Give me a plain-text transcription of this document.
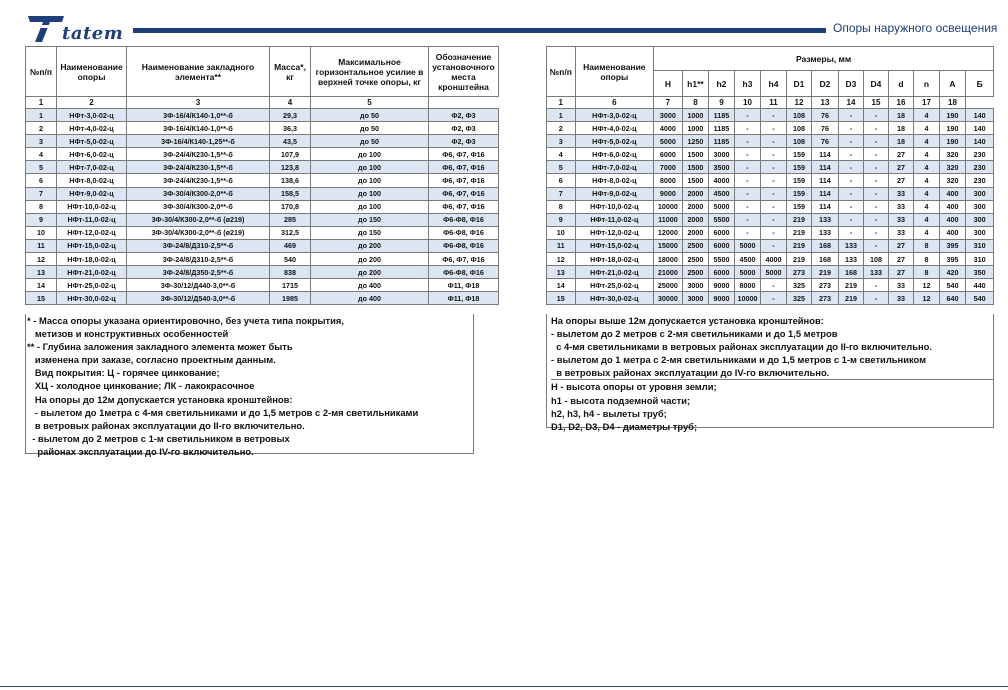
tatem	Опоры наружного освещения
№п/п	Наименование опоры	Наименование закладного элемента**	Масса*, кг	Максимальное горизонтальное усилие в верхней точке опоры, кг	Обозначение установочного места кронштейна
1	2	3	4	5	
1	НФт-3,0-02-ц	3Ф-16/4/К140-1,0**-б	29,3	до 50	Ф2, Ф3
2	НФт-4,0-02-ц	3Ф-16/4/К140-1,0**-б	36,3	до 50	Ф2, Ф3
3	НФт-5,0-02-ц	3Ф-16/4/К140-1,25**-б	43,5	до 50	Ф2, Ф3
4	НФт-6,0-02-ц	3Ф-24/4/К230-1,5**-б	107,9	до 100	Ф6, Ф7, Ф16
5	НФт-7,0-02-ц	3Ф-24/4/К230-1,5**-б	123,8	до 100	Ф6, Ф7, Ф16
6	НФт-8,0-02-ц	3Ф-24/4/К230-1,5**-б	138,6	до 100	Ф6, Ф7, Ф16
7	НФт-9,0-02-ц	3Ф-30/4/К300-2,0**-б	158,5	до 100	Ф6, Ф7, Ф16
8	НФт-10,0-02-ц	3Ф-30/4/К300-2,0**-б	170,8	до 100	Ф6, Ф7, Ф16
9	НФт-11,0-02-ц	3Ф-30/4/К300-2,0**-б (ø219)	285	до 150	Ф6-Ф8, Ф16
10	НФт-12,0-02-ц	3Ф-30/4/К300-2,0**-б (ø219)	312,5	до 150	Ф6-Ф8, Ф16
11	НФт-15,0-02-ц	3Ф-24/8/Д310-2,5**-б	469	до 200	Ф6-Ф8, Ф16
12	НФт-18,0-02-ц	3Ф-24/8/Д310-2,5**-б	540	до 200	Ф6, Ф7, Ф16
13	НФт-21,0-02-ц	3Ф-24/8/Д350-2,5**-б	838	до 200	Ф6-Ф8, Ф16
14	НФт-25,0-02-ц	3Ф-30/12/Д440-3,0**-б	1715	до 400	Ф11, Ф18
15	НФт-30,0-02-ц	3Ф-30/12/Д540-3,0**-б	1985	до 400	Ф11, Ф18

* - Масса опоры указана ориентировочно, без учета типа покрытия,

метизов и конструктивных особенностей

** - Глубина заложения закладного элемента может быть

изменена при заказе, согласно проектным данным.

Вид покрытия: Ц - горячее цинкование;

ХЦ - холодное цинкование; ЛК - лакокрасочное

На опоры до 12м допускается установка кронштейнов:

- вылетом до 1метра с 4-мя светильниками и до 1,5 метров с 2-мя светильниками

в ветровых районах эксплуатации до II-го включительно.

- вылетом до 2 метров с 1-м светильником в ветровых

районах эксплуатации до IV-го включительно.

№п/п	Наименование опоры	Размеры, мм												
		H	h1**	h2	h3	h4	D1	D2	D3	D4	d	n	A	Б
1	6	7	8	9	10	11	12	13	14	15	16	17	18	
1	НФт-3,0-02-ц	3000	1000	1185	-	-	108	76	-	-	18	4	190	140
2	НФт-4,0-02-ц	4000	1000	1185	-	-	108	76	-	-	18	4	190	140
3	НФт-5,0-02-ц	5000	1250	1185	-	-	108	76	-	-	18	4	190	140
4	НФт-6,0-02-ц	6000	1500	3000	-	-	159	114	-	-	27	4	320	230
5	НФт-7,0-02-ц	7000	1500	3500	-	-	159	114	-	-	27	4	320	230
6	НФт-8,0-02-ц	8000	1500	4000	-	-	159	114	-	-	27	4	320	230
7	НФт-9,0-02-ц	9000	2000	4500	-	-	159	114	-	-	33	4	400	300
8	НФт-10,0-02-ц	10000	2000	5000	-	-	159	114	-	-	33	4	400	300
9	НФт-11,0-02-ц	11000	2000	5500	-	-	219	133	-	-	33	4	400	300
10	НФт-12,0-02-ц	12000	2000	6000	-	-	219	133	-	-	33	4	400	300
11	НФт-15,0-02-ц	15000	2500	6000	5000	-	219	168	133	-	27	8	395	310
12	НФт-18,0-02-ц	18000	2500	5500	4500	4000	219	168	133	108	27	8	395	310
13	НФт-21,0-02-ц	21000	2500	6000	5000	5000	273	219	168	133	27	8	420	350
14	НФт-25,0-02-ц	25000	3000	9000	8000	-	325	273	219	-	33	12	540	440
15	НФт-30,0-02-ц	30000	3000	9000	10000	-	325	273	219	-	33	12	640	540

На опоры выше 12м допускается установка кронштейнов:

- вылетом до 2 метров с 2-мя светильниками и до 1,5 метров

с 4-мя светильниками в ветровых районах эксплуатации до II-го включительно.

- вылетом до 1 метра с 2-мя светильниками и до 1,5 метров с 1-м светильником

в ветровых районах эксплуатации до IV-го включительно.

H - высота опоры от уровня земли;

h1 - высота подземной части;

h2, h3, h4 - вылеты труб;

D1, D2, D3, D4 - диаметры труб;
